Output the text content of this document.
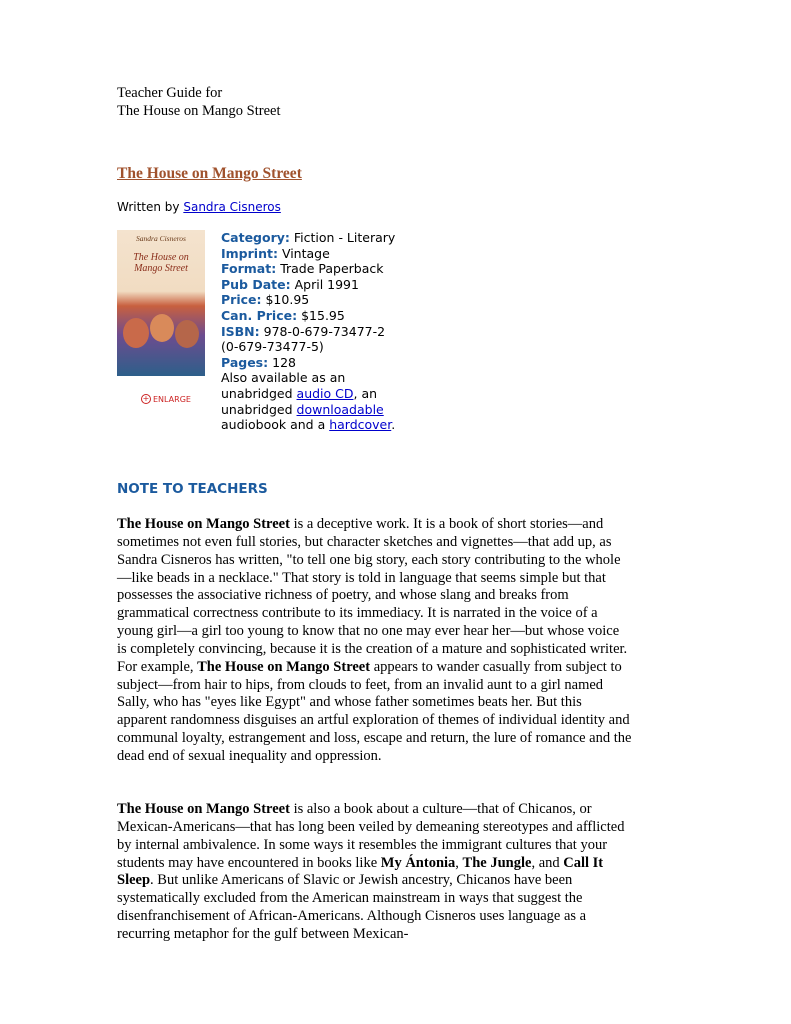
Teacher Guide for
The House on Mango Street
The House on Mango Street
Written by Sandra Cisneros
Sandra Cisneros
The House on
Mango Street
+ ENLARGE
Category: Fiction - Literary
Imprint: Vintage
Format: Trade Paperback
Pub Date: April 1991
Price: $10.95
Can. Price: $15.95
ISBN: 978-0-679-73477-2
(0-679-73477-5)
Pages: 128
Also available as an
unabridged audio CD, an
unabridged downloadable
audiobook and a hardcover.
NOTE TO TEACHERS
The House on Mango Street is a deceptive work. It is a book of short stories—and sometimes not even full stories, but character sketches and vignettes—that add up, as Sandra Cisneros has written, "to tell one big story, each story contributing to the whole—like beads in a necklace." That story is told in language that seems simple but that possesses the associative richness of poetry, and whose slang and breaks from grammatical correctness contribute to its immediacy. It is narrated in the voice of a young girl—a girl too young to know that no one may ever hear her—but whose voice is completely convincing, because it is the creation of a mature and sophisticated writer. For example, The House on Mango Street appears to wander casually from subject to subject—from hair to hips, from clouds to feet, from an invalid aunt to a girl named Sally, who has "eyes like Egypt" and whose father sometimes beats her. But this apparent randomness disguises an artful exploration of themes of individual identity and communal loyalty, estrangement and loss, escape and return, the lure of romance and the dead end of sexual inequality and oppression.
The House on Mango Street is also a book about a culture—that of Chicanos, or Mexican-Americans—that has long been veiled by demeaning stereotypes and afflicted by internal ambivalence. In some ways it resembles the immigrant cultures that your students may have encountered in books like My Ántonia, The Jungle, and Call It Sleep. But unlike Americans of Slavic or Jewish ancestry, Chicanos have been systematically excluded from the American mainstream in ways that suggest the disenfranchisement of African-Americans. Although Cisneros uses language as a recurring metaphor for the gulf between Mexican-
